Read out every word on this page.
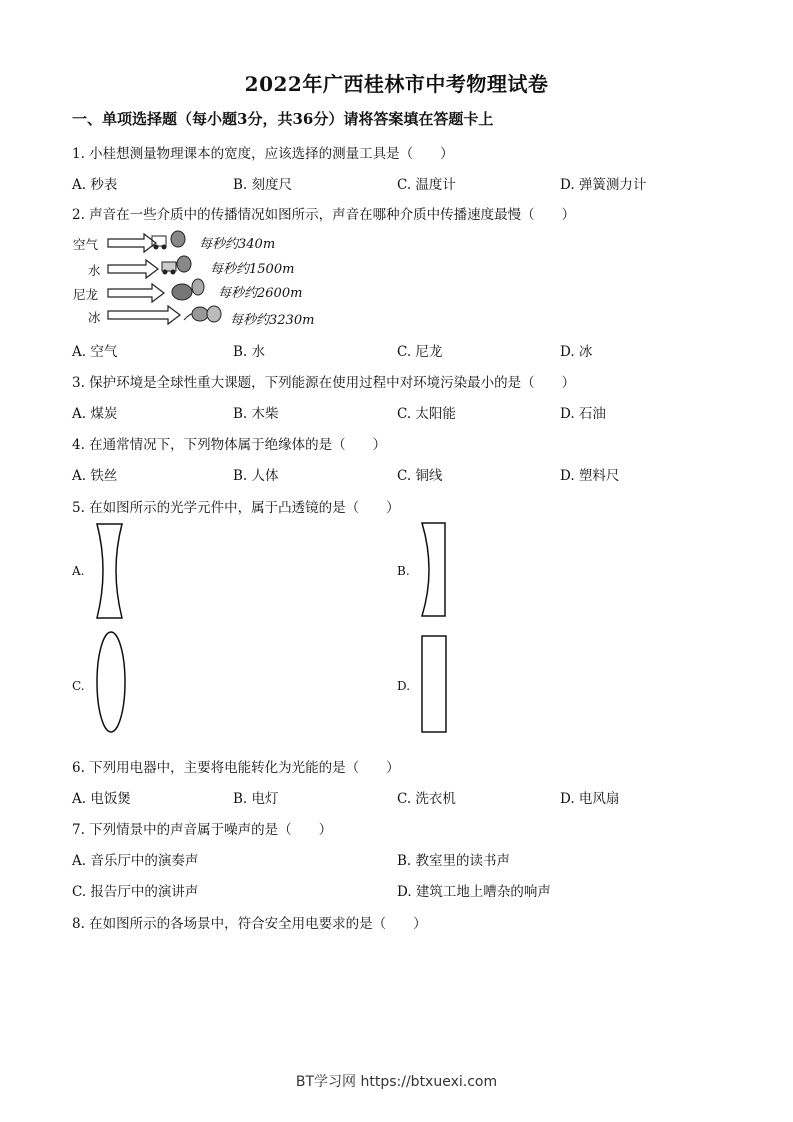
2022年广西桂林市中考物理试卷
一、单项选择题（每小题3分，共36分）请将答案填在答题卡上
1. 小桂想测量物理课本的宽度，应该选择的测量工具是（　　）
A. 秒表	B. 刻度尺	C. 温度计	D. 弹簧测力计
2. 声音在一些介质中的传播情况如图所示，声音在哪种介质中传播速度最慢（　　）
空气
水
尼龙
冰
每秒约340m
每秒约1500m
每秒约2600m
每秒约3230m
A. 空气	B. 水	C. 尼龙	D. 冰
3. 保护环境是全球性重大课题，下列能源在使用过程中对环境污染最小的是（　　）
A. 煤炭	B. 木柴	C. 太阳能	D. 石油
4. 在通常情况下，下列物体属于绝缘体的是（　　）
A. 铁丝	B. 人体	C. 铜线	D. 塑料尺
5. 在如图所示的光学元件中，属于凸透镜的是（　　）
A.	B.
C.	D.
6. 下列用电器中，主要将电能转化为光能的是（　　）
A. 电饭煲	B. 电灯	C. 洗衣机	D. 电风扇
7. 下列情景中的声音属于噪声的是（　　）
A. 音乐厅中的演奏声	B. 教室里的读书声
C. 报告厅中的演讲声	D. 建筑工地上嘈杂的响声
8. 在如图所示的各场景中，符合安全用电要求的是（　　）
BT学习网 https://btxuexi.com
